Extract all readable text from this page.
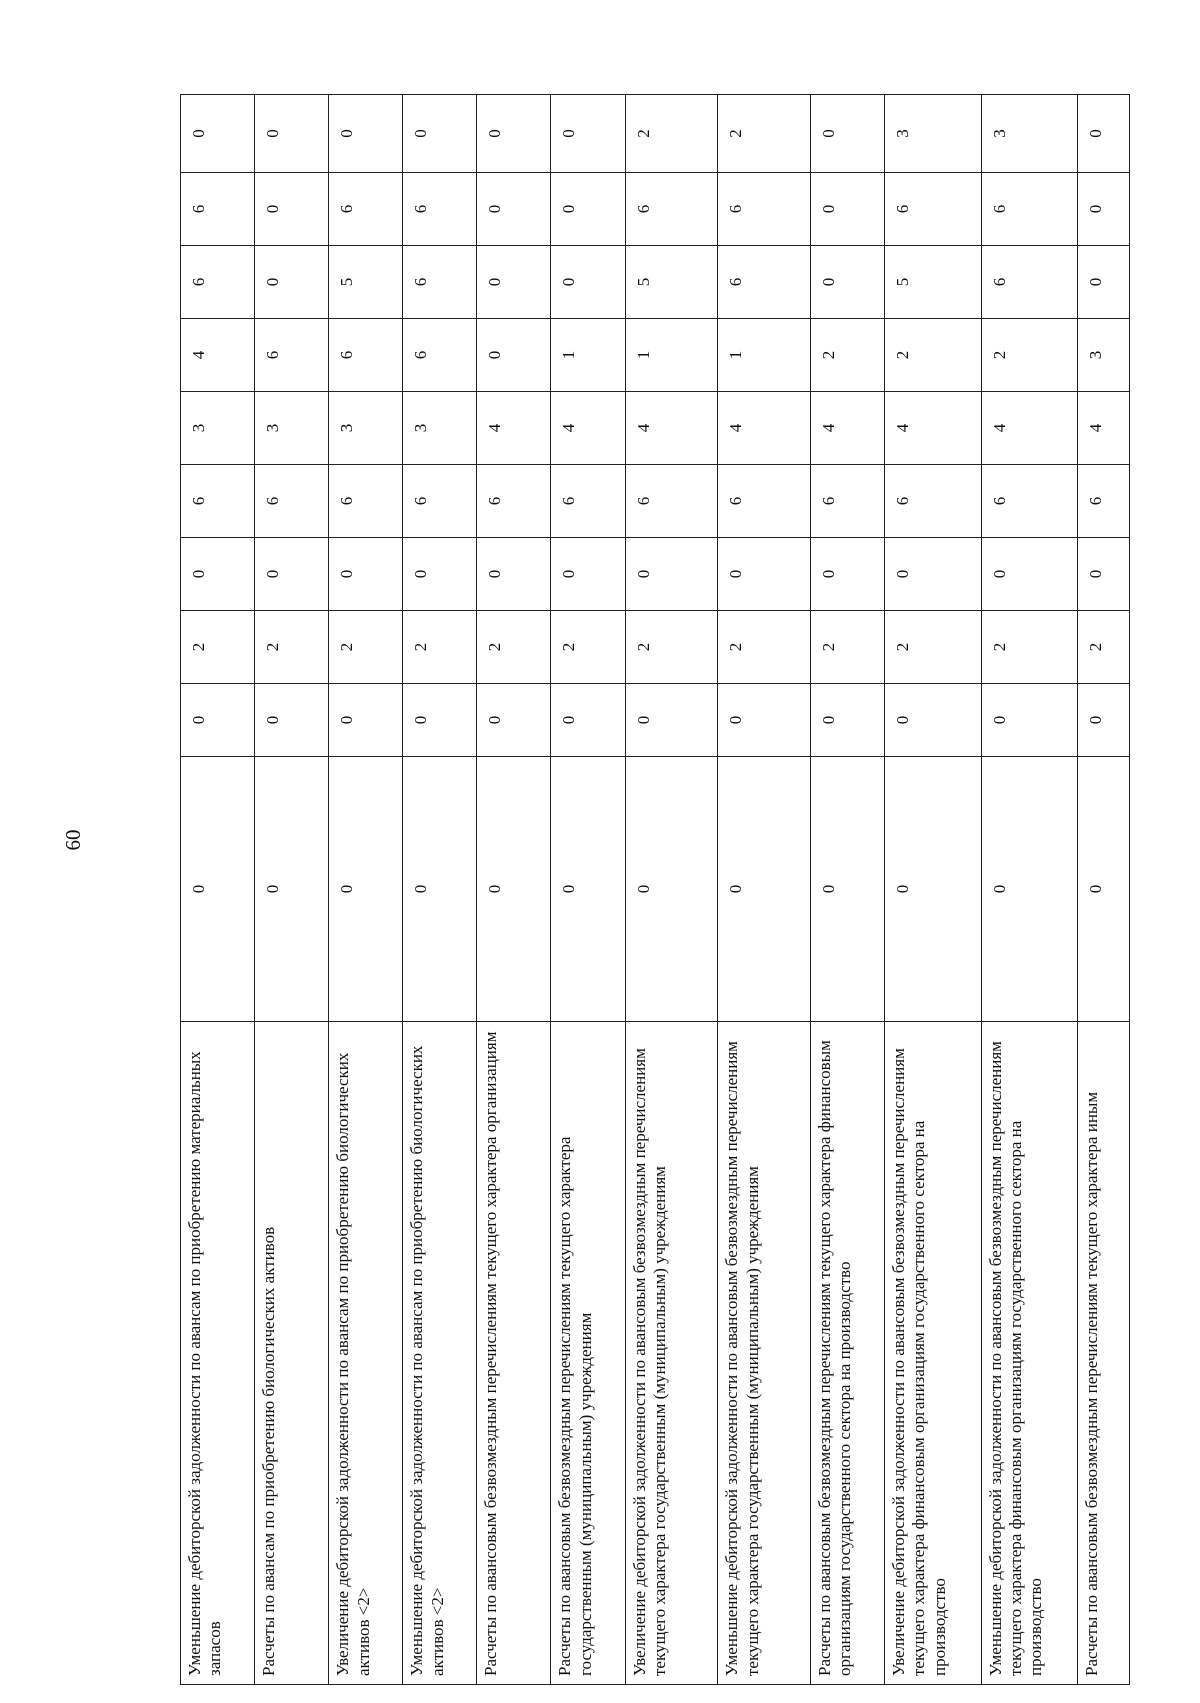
60
Уменьшение дебиторской задолженности по авансам по приобретению материальных запасов	0	0	2	0	6	3	4	6	6	0
Расчеты по авансам по приобретению биологических активов	0	0	2	0	6	3	6	0	0	0
Увеличение дебиторской задолженности по авансам по приобретению биологических активов <2>	0	0	2	0	6	3	6	5	6	0
Уменьшение дебиторской задолженности по авансам по приобретению биологических активов <2>	0	0	2	0	6	3	6	6	6	0
Расчеты по авансовым безвозмездным перечислениям текущего характера организациям	0	0	2	0	6	4	0	0	0	0
Расчеты по авансовым безвозмездным перечислениям текущего характера государственным (муниципальным) учреждениям	0	0	2	0	6	4	1	0	0	0
Увеличение дебиторской задолженности по авансовым безвозмездным перечислениям текущего характера государственным (муниципальным) учреждениям	0	0	2	0	6	4	1	5	6	2
Уменьшение дебиторской задолженности по авансовым безвозмездным перечислениям текущего характера государственным (муниципальным) учреждениям	0	0	2	0	6	4	1	6	6	2
Расчеты по авансовым безвозмездным перечислениям текущего характера финансовым организациям государственного сектора на производство	0	0	2	0	6	4	2	0	0	0
Увеличение дебиторской задолженности по авансовым безвозмездным перечислениям текущего характера финансовым организациям государственного сектора на производство	0	0	2	0	6	4	2	5	6	3
Уменьшение дебиторской задолженности по авансовым безвозмездным перечислениям текущего характера финансовым организациям государственного сектора на производство	0	0	2	0	6	4	2	6	6	3
Расчеты по авансовым безвозмездным перечислениям текущего характера иным	0	0	2	0	6	4	3	0	0	0
